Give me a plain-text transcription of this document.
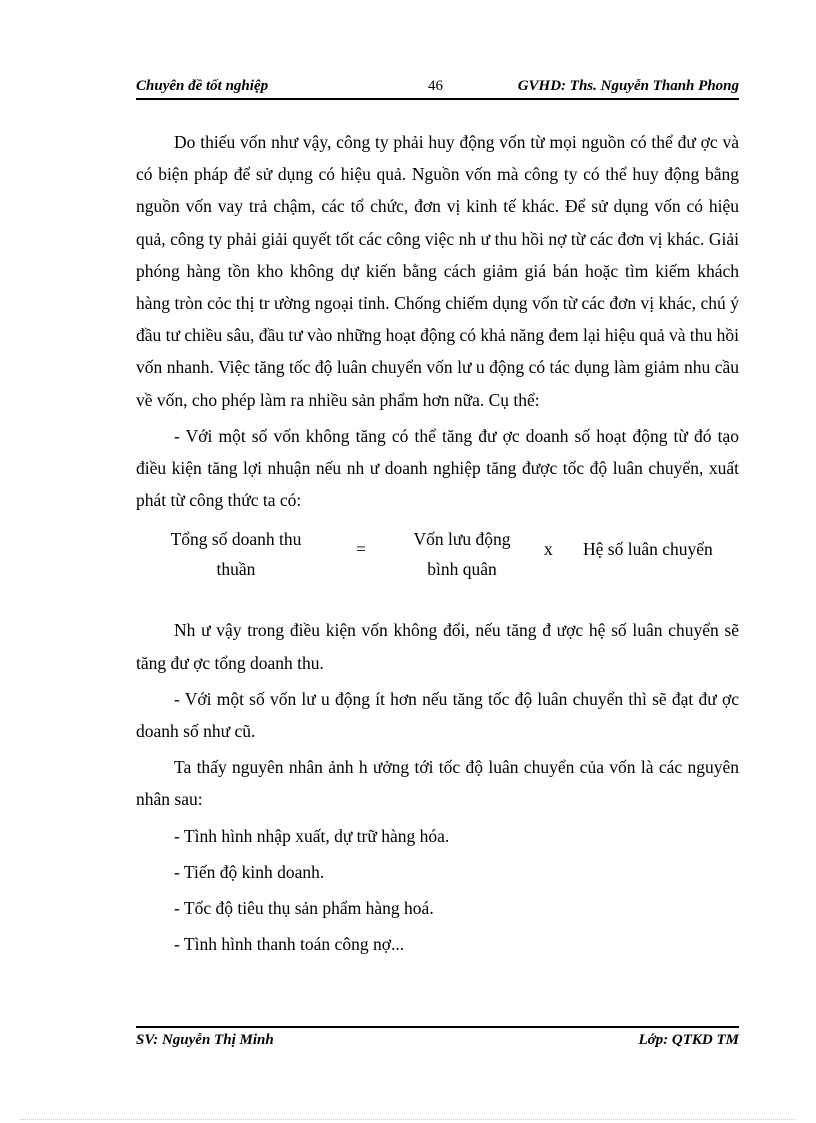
Chuyên đề tốt nghiệp	46	GVHD: Ths. Nguyễn Thanh Phong

Do thiếu vốn như vậy, công ty phải huy động vốn từ mọi nguồn có thể đư ợc và có biện pháp để sử dụng có hiệu quả. Nguồn vốn mà công ty có thể huy động bằng nguồn vốn vay trả chậm, các tổ chức, đơn vị kinh tế khác. Để sử dụng vốn có hiệu quả, công ty phải giải quyết tốt các công việc nh ư thu hồi nợ từ các đơn vị khác. Giải phóng hàng tồn kho không dự kiến bằng cách giảm giá bán hoặc tìm kiếm khách hàng tròn cỏc thị tr ường ngoại tỉnh. Chống chiếm dụng vốn từ các đơn vị khác, chú ý đầu tư chiều sâu, đầu tư vào những hoạt động có khả năng đem lại hiệu quả và thu hồi vốn nhanh. Việc tăng tốc độ luân chuyển vốn lư u động có tác dụng làm giảm nhu cầu về vốn, cho phép làm ra nhiều sản phẩm hơn nữa. Cụ thể:

- Với một số vốn không tăng có thể tăng đư ợc doanh số hoạt động từ đó tạo điều kiện tăng lợi nhuận nếu nh ư doanh nghiệp tăng được tốc độ luân chuyển, xuất phát từ công thức ta có:

Tổng số doanh thu
thuần
=	Vốn lưu động
bình quân
x Hệ số luân chuyển

Nh ư vậy trong điều kiện vốn không đổi, nếu tăng đ ược hệ số luân chuyển sẽ tăng đư ợc tổng doanh thu.

- Với một số vốn lư u động ít hơn nếu tăng tốc độ luân chuyển thì sẽ đạt đư ợc doanh số như cũ.

Ta thấy nguyên nhân ảnh h ưởng tới tốc độ luân chuyển của vốn là các nguyên nhân sau:

- Tình hình nhập xuất, dự trữ hàng hóa.

- Tiến độ kinh doanh.

- Tốc độ tiêu thụ sản phẩm hàng hoá.

- Tình hình thanh toán công nợ...

SV: Nguyễn Thị Minh	Lớp: QTKD TM
